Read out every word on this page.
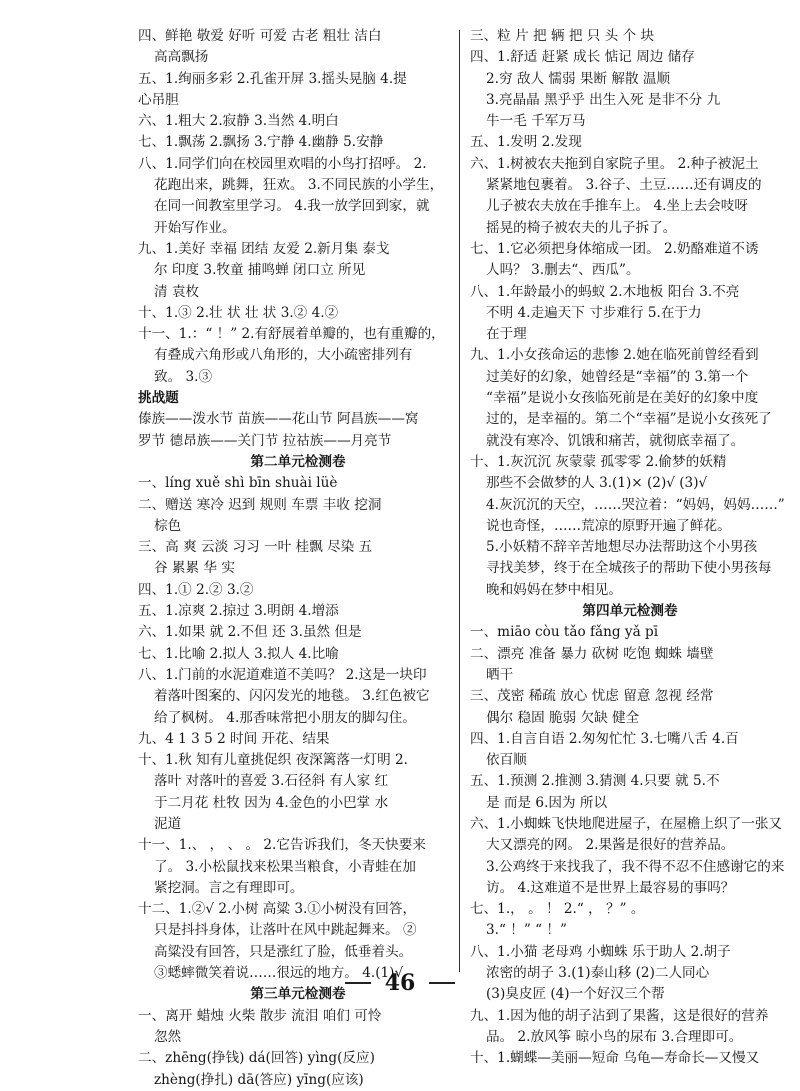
四、鲜艳 敬爱 好听 可爱 古老 粗壮 洁白
高高飘扬
五、1.绚丽多彩 2.孔雀开屏 3.摇头晃脑 4.提
心吊胆
六、1.粗大 2.寂静 3.当然 4.明白
七、1.飘荡 2.飘扬 3.宁静 4.幽静 5.安静
八、1.同学们向在校园里欢唱的小鸟打招呼。 2.
花跑出来，跳舞，狂欢。 3.不同民族的小学生，
在同一间教室里学习。 4.我一放学回到家，就
开始写作业。
九、1.美好 幸福 团结 友爱 2.新月集 泰戈
尔 印度 3.牧童 捕鸣蝉 闭口立 所见
清 袁枚
十、1.③ 2.壮 状 壮 状 3.② 4.②
十一、1.：“ ！” 2.有舒展着单瓣的，也有重瓣的，
有叠成六角形或八角形的，大小疏密排列有
致。 3.③
挑战题
傣族——泼水节 苗族——花山节 阿昌族——窝
罗节 德昂族——关门节 拉祜族——月亮节
第二单元检测卷
一、líng xuě shì bīn shuài lüè
二、赠送 寒冷 迟到 规则 车票 丰收 挖洞
棕色
三、高 爽 云淡 习习 一叶 桂飘 尽染 五
谷 累累 华 实
四、1.① 2.② 3.②
五、1.凉爽 2.掠过 3.明朗 4.增添
六、1.如果 就 2.不但 还 3.虽然 但是
七、1.比喻 2.拟人 3.拟人 4.比喻
八、1.门前的水泥道难道不美吗？ 2.这是一块印
着落叶图案的、闪闪发光的地毯。 3.红色被它
给了枫树。 4.那香味常把小朋友的脚勾住。
九、4 1 3 5 2 时间 开花、结果
十、1.秋 知有儿童挑促织 夜深篱落一灯明 2.
落叶 对落叶的喜爱 3.石径斜 有人家 红
于二月花 杜牧 因为 4.金色的小巴掌 水
泥道
十一、1.、 ， 、 。 2.它告诉我们，冬天快要来
了。 3.小松鼠找来松果当粮食，小青蛙在加
紧挖洞。言之有理即可。
十二、1.②√ 2.小树 高粱 3.①小树没有回答，
只是抖抖身体，让落叶在风中跳起舞来。 ②
高粱没有回答，只是涨红了脸，低垂着头。
③蟋蟀微笑着说……很远的地方。 4.(1)√
第三单元检测卷
一、离开 蜡烛 火柴 散步 流泪 咱们 可怜
忽然
二、zhēng(挣钱) dá(回答) yìng(反应)
zhèng(挣扎) dā(答应) yīng(应该)
三、粒 片 把 辆 把 只 头 个 块
四、1.舒适 赶紧 成长 惦记 周边 储存
2.穷 敌人 懦弱 果断 解散 温顺
3.亮晶晶 黑乎乎 出生入死 是非不分 九
牛一毛 千军万马
五、1.发明 2.发现
六、1.树被农夫拖到自家院子里。 2.种子被泥土
紧紧地包裹着。 3.谷子、土豆……还有调皮的
儿子被农夫放在手推车上。 4.坐上去会吱呀
摇晃的椅子被农夫的儿子拆了。
七、1.它必须把身体缩成一团。 2.奶酪难道不诱
人吗？ 3.删去“、西瓜”。
八、1.年龄最小的蚂蚁 2.木地板 阳台 3.不亮
不明 4.走遍天下 寸步难行 5.在于力
在于理
九、1.小女孩命运的悲惨 2.她在临死前曾经看到
过美好的幻象，她曾经是“幸福”的 3.第一个
“幸福”是说小女孩临死前是在美好的幻象中度
过的，是幸福的。第二个“幸福”是说小女孩死了
就没有寒冷、饥饿和痛苦，就彻底幸福了。
十、1.灰沉沉 灰蒙蒙 孤零零 2.偷梦的妖精
那些不会做梦的人 3.(1)× (2)√ (3)√
4.灰沉沉的天空，……哭泣着：“妈妈，妈妈……”
说也奇怪，……荒凉的原野开遍了鲜花。
5.小妖精不辞辛苦地想尽办法帮助这个小男孩
寻找美梦，终于在全城孩子的帮助下使小男孩每
晚和妈妈在梦中相见。
第四单元检测卷
一、miāo còu tǎo fǎng yǎ pī
二、漂亮 准备 暴力 砍树 吃饱 蜘蛛 墙壁
晒干
三、茂密 稀疏 放心 忧虑 留意 忽视 经常
偶尔 稳固 脆弱 欠缺 健全
四、1.自言自语 2.匆匆忙忙 3.七嘴八舌 4.百
依百顺
五、1.预测 2.推测 3.猜测 4.只要 就 5.不
是 而是 6.因为 所以
六、1.小蜘蛛飞快地爬进屋子，在屋檐上织了一张又
大又漂亮的网。 2.果酱是很好的营养品。
3.公鸡终于来找我了，我不得不忍不住感谢它的来
访。 4.这难道不是世界上最容易的事吗？
七、1.， 。 ！ 2.“ ， ？” 。
3.“ ！” “ ！”
八、1.小猫 老母鸡 小蜘蛛 乐于助人 2.胡子
浓密的胡子 3.(1)泰山移 (2)二人同心
(3)臭皮匠 (4)一个好汉三个帮
九、1.因为他的胡子沾到了果酱，这是很好的营养
品。 2.放风筝 晾小鸟的尿布 3.合理即可。
十、1.蝴蝶—美丽—短命 乌龟—寿命长—又慢又
46
